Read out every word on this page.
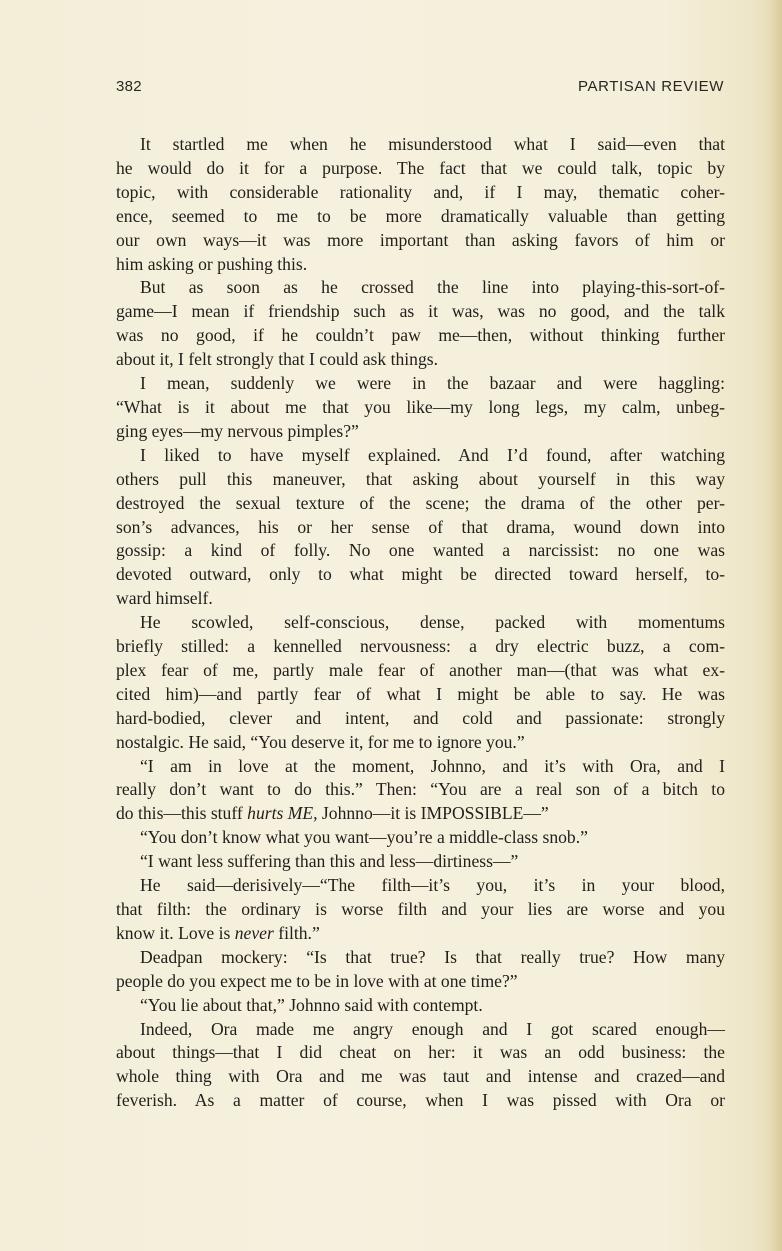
382	PARTISAN REVIEW
It startled me when he misunderstood what I said—even that
he would do it for a purpose. The fact that we could talk, topic by
topic, with considerable rationality and, if I may, thematic coher-
ence, seemed to me to be more dramatically valuable than getting
our own ways—it was more important than asking favors of him or
him asking or pushing this.
But as soon as he crossed the line into playing-this-sort-of-
game—I mean if friendship such as it was, was no good, and the talk
was no good, if he couldn’t paw me—then, without thinking further
about it, I felt strongly that I could ask things.
I mean, suddenly we were in the bazaar and were haggling:
“What is it about me that you like—my long legs, my calm, unbeg-
ging eyes—my nervous pimples?”
I liked to have myself explained. And I’d found, after watching
others pull this maneuver, that asking about yourself in this way
destroyed the sexual texture of the scene; the drama of the other per-
son’s advances, his or her sense of that drama, wound down into
gossip: a kind of folly. No one wanted a narcissist: no one was
devoted outward, only to what might be directed toward herself, to-
ward himself.
He scowled, self-conscious, dense, packed with momentums
briefly stilled: a kennelled nervousness: a dry electric buzz, a com-
plex fear of me, partly male fear of another man—(that was what ex-
cited him)—and partly fear of what I might be able to say. He was
hard-bodied, clever and intent, and cold and passionate: strongly
nostalgic. He said, “You deserve it, for me to ignore you.”
“I am in love at the moment, Johnno, and it’s with Ora, and I
really don’t want to do this.” Then: “You are a real son of a bitch to
do this—this stuff hurts ME, Johnno—it is IMPOSSIBLE—”
“You don’t know what you want—you’re a middle-class snob.”
“I want less suffering than this and less—dirtiness—”
He said—derisively—“The filth—it’s you, it’s in your blood,
that filth: the ordinary is worse filth and your lies are worse and you
know it. Love is never filth.”
Deadpan mockery: “Is that true? Is that really true? How many
people do you expect me to be in love with at one time?”
“You lie about that,” Johnno said with contempt.
Indeed, Ora made me angry enough and I got scared enough—
about things—that I did cheat on her: it was an odd business: the
whole thing with Ora and me was taut and intense and crazed—and
feverish. As a matter of course, when I was pissed with Ora or
